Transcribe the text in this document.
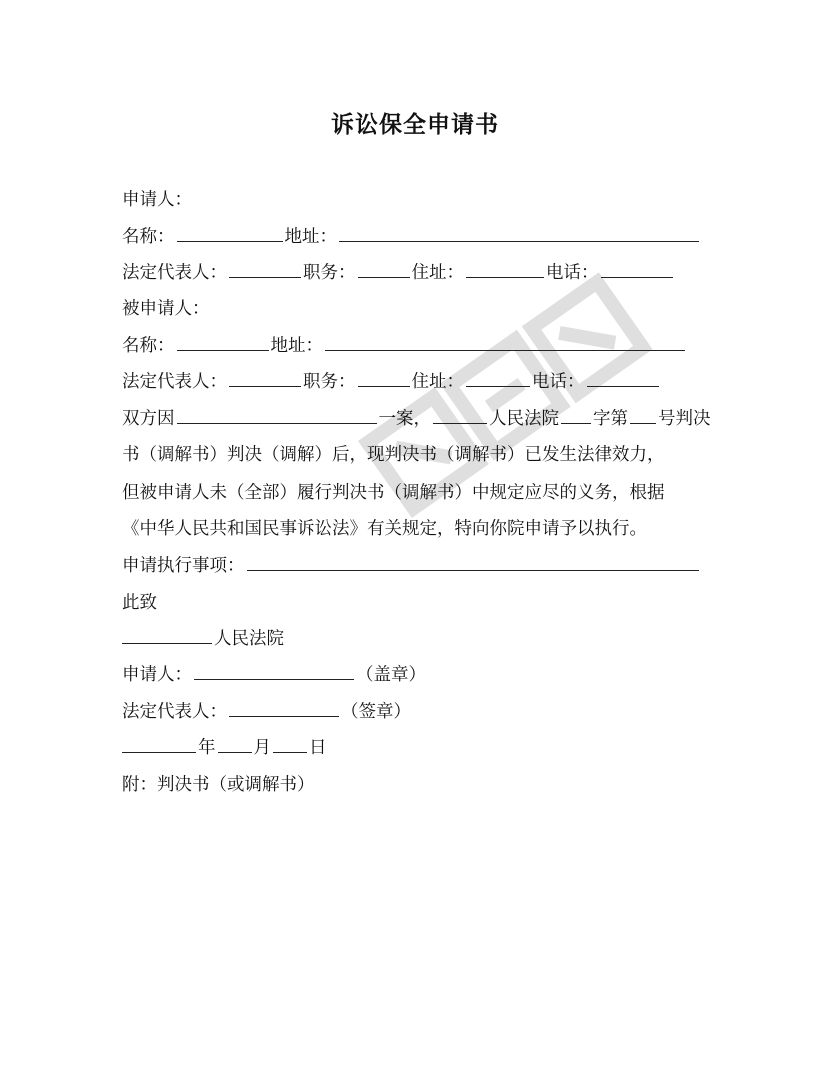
诉讼保全申请书
申请人：
名称：	地址：
法定代表人：	职务：	住址：	电话：
被申请人：
名称：	地址：
法定代表人：	职务：	住址：	电话：
双方因	一案，	人民法院 字第 号判决
书（调解书）判决（调解）后，现判决书（调解书）已发生法律效力，
但被申请人未（全部）履行判决书（调解书）中规定应尽的义务，根据
《中华人民共和国民事诉讼法》有关规定，特向你院申请予以执行。
申请执行事项：
此致
人民法院
申请人：	（盖章）
法定代表人：	（签章）
年 月 日
附：判决书（或调解书）
